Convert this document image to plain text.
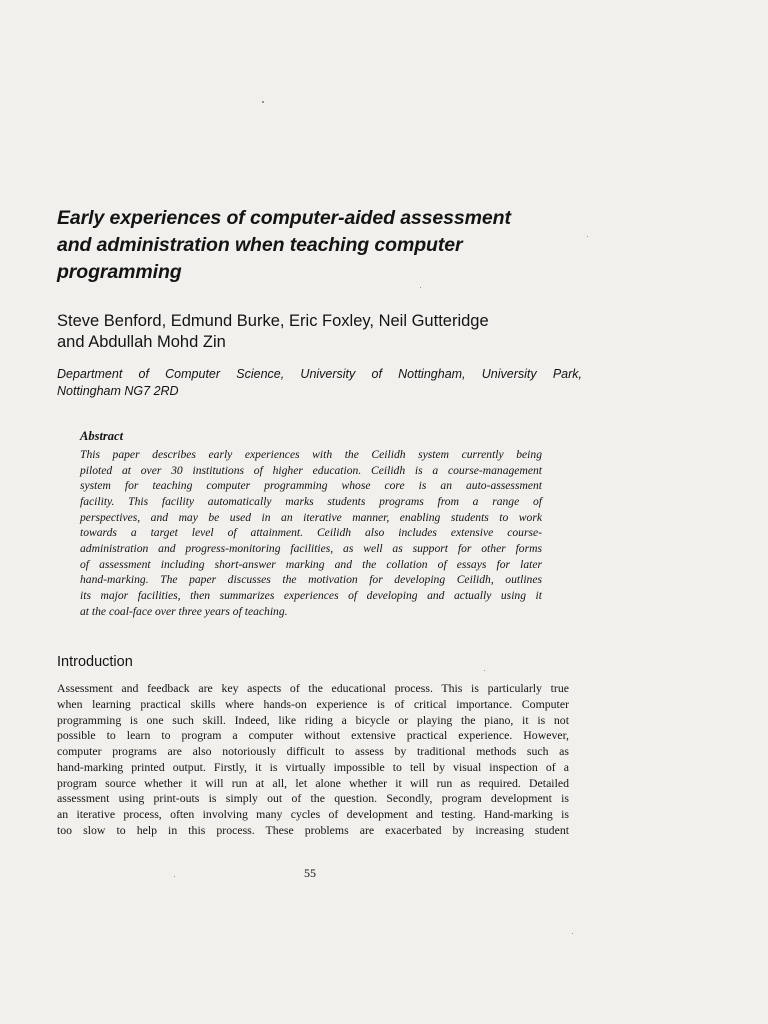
Early experiences of computer-aided assessment
and administration when teaching computer
programming
Steve Benford, Edmund Burke, Eric Foxley, Neil Gutteridge
and Abdullah Mohd Zin
Department of Computer Science, University of Nottingham, University Park,
Nottingham NG7 2RD
Abstract
This paper describes early experiences with the Ceilidh system currently being
piloted at over 30 institutions of higher education. Ceilidh is a course-management
system for teaching computer programming whose core is an auto-assessment
facility. This facility automatically marks students programs from a range of
perspectives, and may be used in an iterative manner, enabling students to work
towards a target level of attainment. Ceilidh also includes extensive course-
administration and progress-monitoring facilities, as well as support for other forms
of assessment including short-answer marking and the collation of essays for later
hand-marking. The paper discusses the motivation for developing Ceilidh, outlines
its major facilities, then summarizes experiences of developing and actually using it
at the coal-face over three years of teaching.
Introduction
Assessment and feedback are key aspects of the educational process. This is particularly true
when learning practical skills where hands-on experience is of critical importance. Computer
programming is one such skill. Indeed, like riding a bicycle or playing the piano, it is not
possible to learn to program a computer without extensive practical experience. However,
computer programs are also notoriously difficult to assess by traditional methods such as
hand-marking printed output. Firstly, it is virtually impossible to tell by visual inspection of a
program source whether it will run at all, let alone whether it will run as required. Detailed
assessment using print-outs is simply out of the question. Secondly, program development is
an iterative process, often involving many cycles of development and testing. Hand-marking is
too slow to help in this process. These problems are exacerbated by increasing student
55
